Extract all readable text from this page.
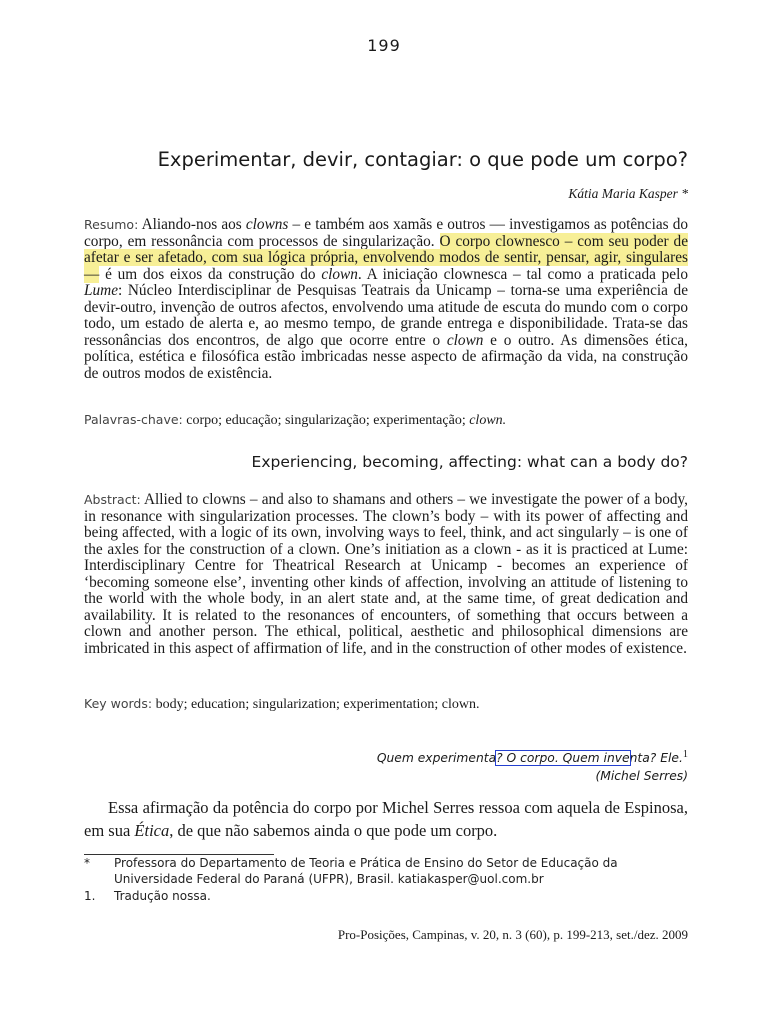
199
Experimentar, devir, contagiar: o que pode um corpo?
Kátia Maria Kasper *

Resumo: Aliando-nos aos clowns – e também aos xamãs e outros — investigamos as potências do corpo, em ressonância com processos de singularização. O corpo clownesco – com seu poder de afetar e ser afetado, com sua lógica própria, envolvendo modos de sentir, pensar, agir, singulares — é um dos eixos da construção do clown. A iniciação clownesca – tal como a praticada pelo Lume: Núcleo Interdisciplinar de Pesquisas Teatrais da Unicamp – torna-se uma experiência de devir-outro, invenção de outros afectos, envolvendo uma atitude de escuta do mundo com o corpo todo, um estado de alerta e, ao mesmo tempo, de grande entrega e disponibilidade. Trata-se das ressonâncias dos encontros, de algo que ocorre entre o clown e o outro. As dimensões ética, política, estética e filosófica estão imbricadas nesse aspecto de afirmação da vida, na construção de outros modos de existência.

Palavras-chave: corpo; educação; singularização; experimentação; clown.

Experiencing, becoming, affecting: what can a body do?

Abstract: Allied to clowns – and also to shamans and others – we investigate the power of a body, in resonance with singularization processes. The clown’s body – with its power of affecting and being affected, with a logic of its own, involving ways to feel, think, and act singularly – is one of the axles for the construction of a clown. One’s initiation as a clown - as it is practiced at Lume: Interdisciplinary Centre for Theatrical Research at Unicamp - becomes an experience of ‘becoming someone else’, inventing other kinds of affection, involving an attitude of listening to the world with the whole body, in an alert state and, at the same time, of great dedication and availability. It is related to the resonances of encounters, of something that occurs between a clown and another person. The ethical, political, aesthetic and philosophical dimensions are imbricated in this aspect of affirmation of life, and in the construction of other modes of existence.

Key words: body; education; singularization; experimentation; clown.

Quem experimenta? O corpo. Quem inventa? Ele.$^1$
(Michel Serres)

Essa afirmação da potência do corpo por Michel Serres ressoa com aquela de Espinosa, em sua Ética, de que não sabemos ainda o que pode um corpo.

* Professora do Departamento de Teoria e Prática de Ensino do Setor de Educação da Universidade Federal do Paraná (UFPR), Brasil. katiakasper@uol.com.br
1. Tradução nossa.
Pro-Posições, Campinas, v. 20, n. 3 (60), p. 199-213, set./dez. 2009
